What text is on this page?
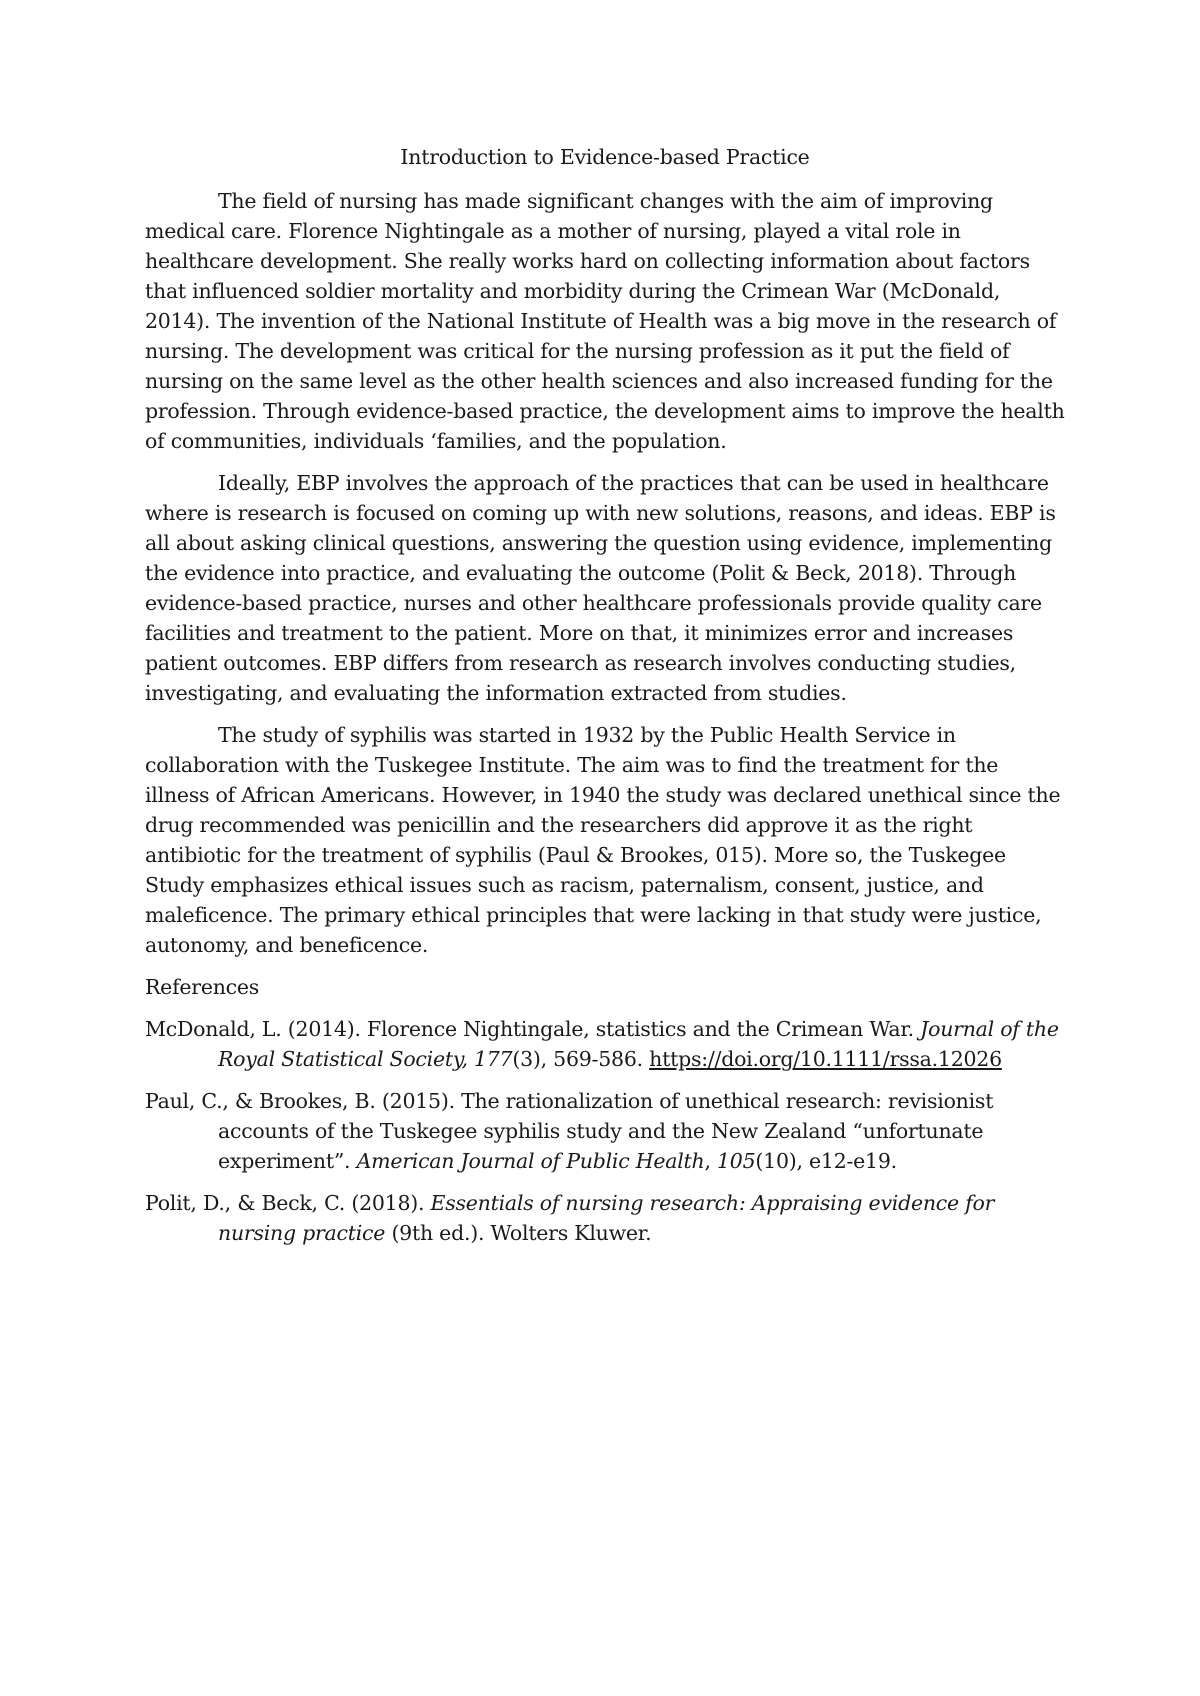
Introduction to Evidence-based Practice

The field of nursing has made significant changes with the aim of improving medical care. Florence Nightingale as a mother of nursing, played a vital role in healthcare development. She really works hard on collecting information about factors that influenced soldier mortality and morbidity during the Crimean War (McDonald, 2014). The invention of the National Institute of Health was a big move in the research of nursing. The development was critical for the nursing profession as it put the field of nursing on the same level as the other health sciences and also increased funding for the profession. Through evidence-based practice, the development aims to improve the health of communities, individuals ‘families, and the population.

Ideally, EBP involves the approach of the practices that can be used in healthcare where is research is focused on coming up with new solutions, reasons, and ideas. EBP is all about asking clinical questions, answering the question using evidence, implementing the evidence into practice, and evaluating the outcome (Polit & Beck, 2018). Through evidence-based practice, nurses and other healthcare professionals provide quality care facilities and treatment to the patient. More on that, it minimizes error and increases patient outcomes. EBP differs from research as research involves conducting studies, investigating, and evaluating the information extracted from studies.

The study of syphilis was started in 1932 by the Public Health Service in collaboration with the Tuskegee Institute. The aim was to find the treatment for the illness of African Americans. However, in 1940 the study was declared unethical since the drug recommended was penicillin and the researchers did approve it as the right antibiotic for the treatment of syphilis (Paul & Brookes, 015). More so, the Tuskegee Study emphasizes ethical issues such as racism, paternalism, consent, justice, and maleficence. The primary ethical principles that were lacking in that study were justice, autonomy, and beneficence.

References

McDonald, L. (2014). Florence Nightingale, statistics and the Crimean War. Journal of the Royal Statistical Society, 177(3), 569-586. https://doi.org/10.1111/rssa.12026

Paul, C., & Brookes, B. (2015). The rationalization of unethical research: revisionist accounts of the Tuskegee syphilis study and the New Zealand “unfortunate experiment”. American Journal of Public Health, 105(10), e12-e19.

Polit, D., & Beck, C. (2018). Essentials of nursing research: Appraising evidence for nursing practice (9th ed.). Wolters Kluwer.
